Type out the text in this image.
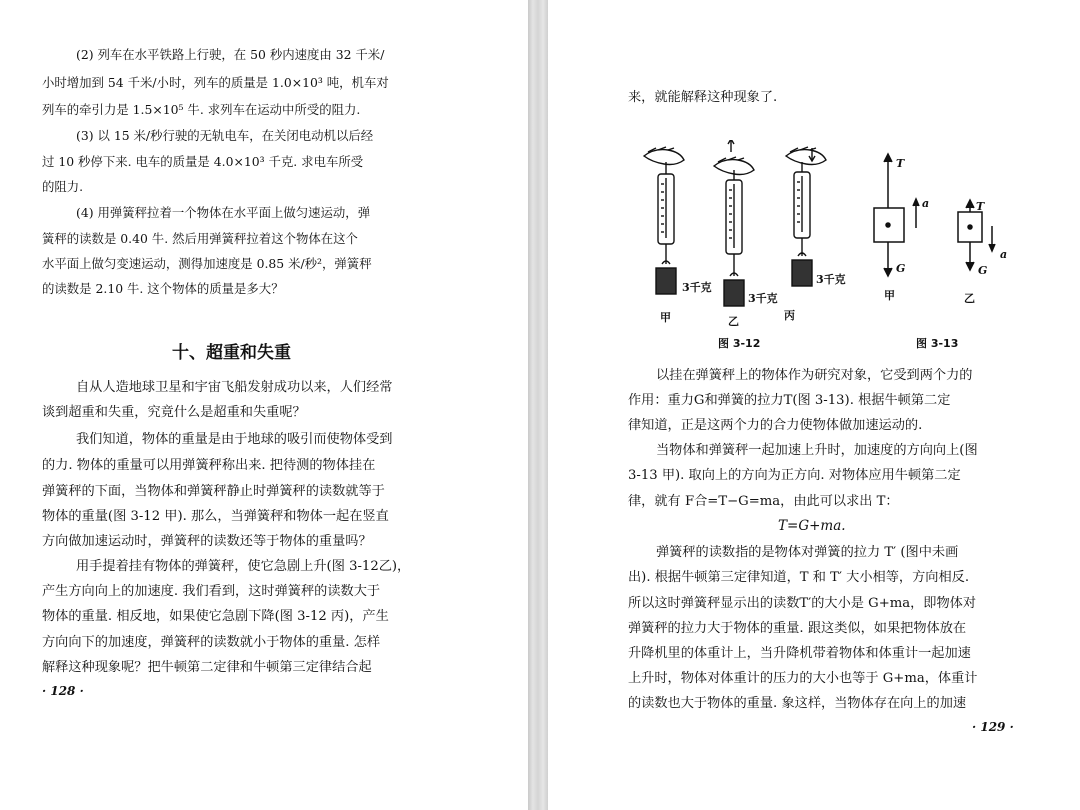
(2) 列车在水平铁路上行驶，在 50 秒内速度由 32 千米/
小时增加到 54 千米/小时，列车的质量是 1.0×10³ 吨，机车对
列车的牵引力是 1.5×10⁵ 牛. 求列车在运动中所受的阻力.
(3) 以 15 米/秒行驶的无轨电车，在关闭电动机以后经
过 10 秒停下来. 电车的质量是 4.0×10³ 千克. 求电车所受
的阻力.
(4) 用弹簧秤拉着一个物体在水平面上做匀速运动，弹
簧秤的读数是 0.40 牛. 然后用弹簧秤拉着这个物体在这个
水平面上做匀变速运动，测得加速度是 0.85 米/秒²，弹簧秤
的读数是 2.10 牛. 这个物体的质量是多大？
十、超重和失重
自从人造地球卫星和宇宙飞船发射成功以来，人们经常
谈到超重和失重，究竟什么是超重和失重呢？
我们知道，物体的重量是由于地球的吸引而使物体受到
的力. 物体的重量可以用弹簧秤称出来. 把待测的物体挂在
弹簧秤的下面，当物体和弹簧秤静止时弹簧秤的读数就等于
物体的重量(图 3-12 甲). 那么，当弹簧秤和物体一起在竖直
方向做加速运动时，弹簧秤的读数还等于物体的重量吗？
用手提着挂有物体的弹簧秤，使它急剧上升(图 3-12乙)，
产生方向向上的加速度. 我们看到，这时弹簧秤的读数大于
物体的重量. 相反地，如果使它急剧下降(图 3-12 丙)，产生
方向向下的加速度，弹簧秤的读数就小于物体的重量. 怎样
解释这种现象呢？把牛顿第二定律和牛顿第三定律结合起
· 128 ·
来，就能解释这种现象了.
3千克
3千克
3千克
甲	乙	丙
图 3-12
T
G
a	T
G
a
甲	乙
图 3-13
以挂在弹簧秤上的物体作为研究对象，它受到两个力的
作用：重力G和弹簧的拉力T(图 3-13). 根据牛顿第二定
律知道，正是这两个力的合力使物体做加速运动的.
当物体和弹簧秤一起加速上升时，加速度的方向向上(图
3-13 甲). 取向上的方向为正方向. 对物体应用牛顿第二定
律，就有 F合=T−G=ma，由此可以求出 T：
T=G+ma.
弹簧秤的读数指的是物体对弹簧的拉力 T′ (图中未画
出). 根据牛顿第三定律知道，T 和 T′ 大小相等，方向相反.
所以这时弹簧秤显示出的读数T′的大小是 G+ma，即物体对
弹簧秤的拉力大于物体的重量. 跟这类似，如果把物体放在
升降机里的体重计上，当升降机带着物体和体重计一起加速
上升时，物体对体重计的压力的大小也等于 G+ma，体重计
的读数也大于物体的重量. 象这样，当物体存在向上的加速
· 129 ·
